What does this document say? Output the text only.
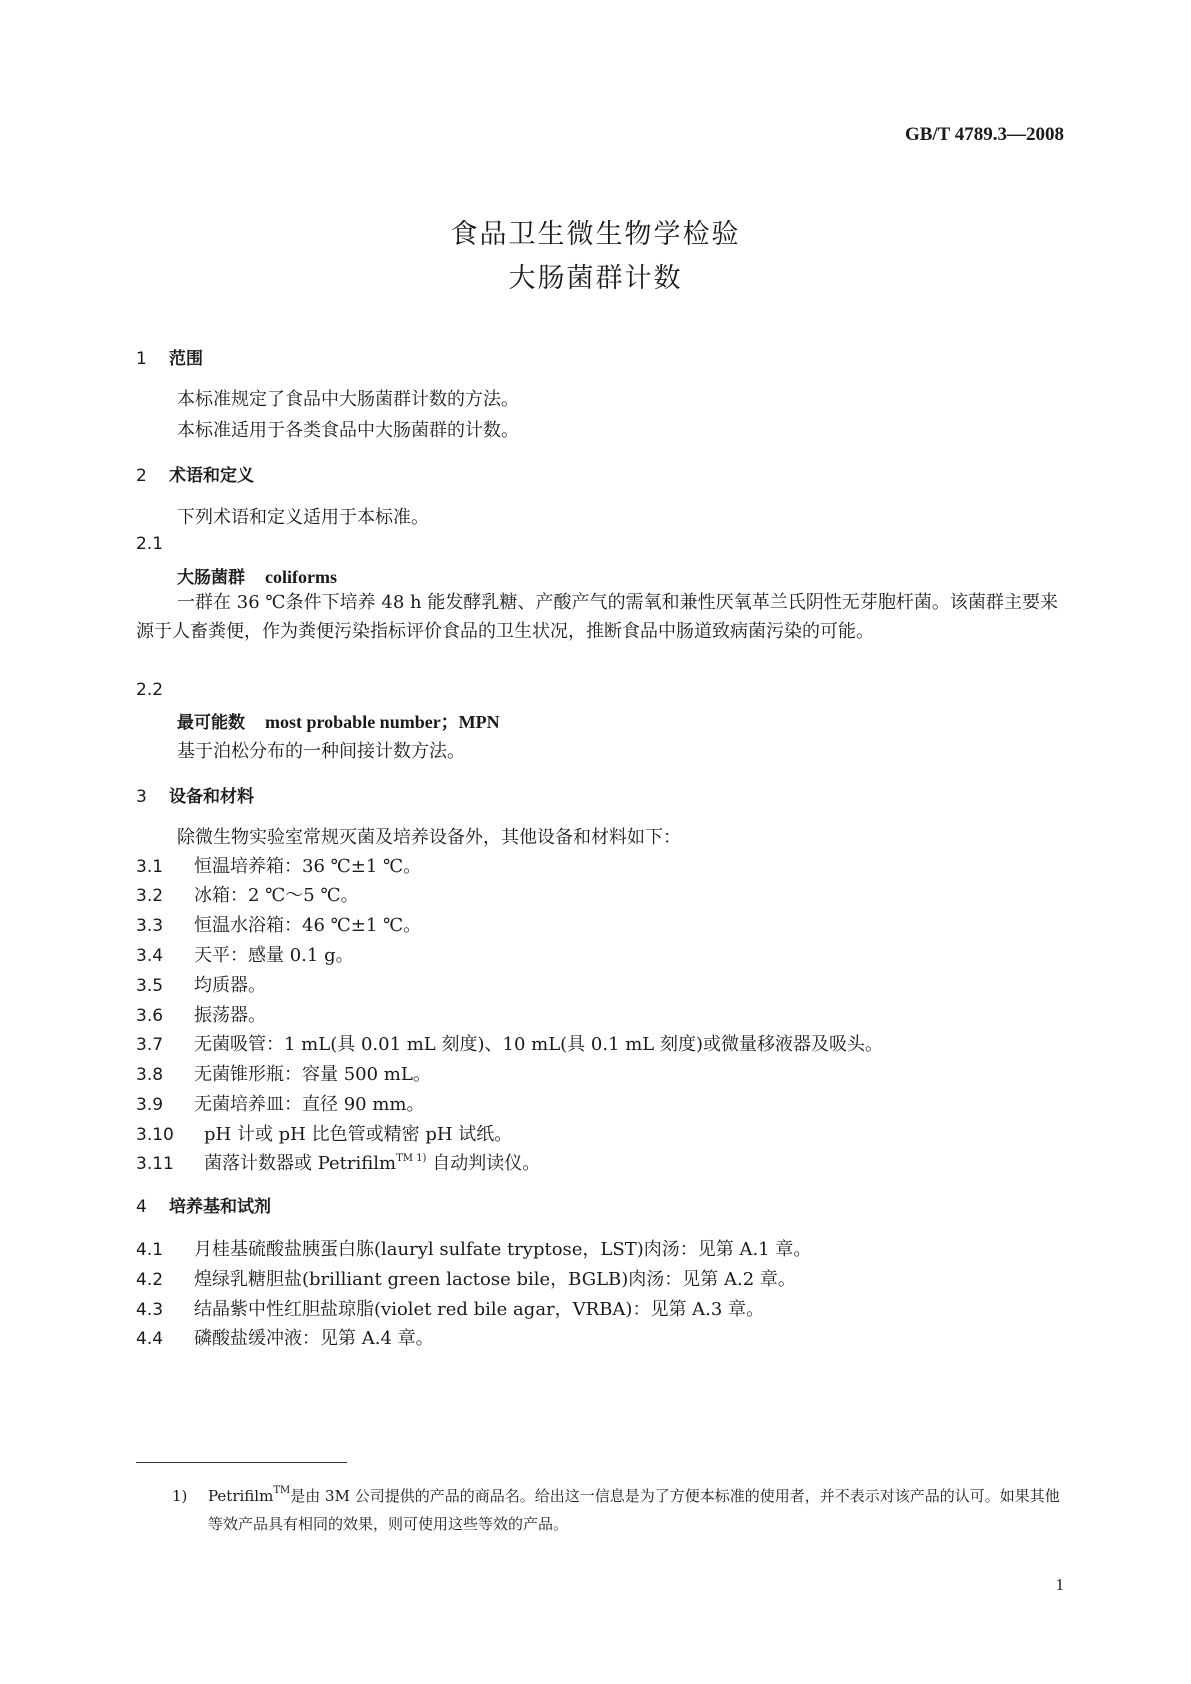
GB/T 4789.3—2008
食品卫生微生物学检验
大肠菌群计数
1 范围
本标准规定了食品中大肠菌群计数的方法。
本标准适用于各类食品中大肠菌群的计数。
2 术语和定义
下列术语和定义适用于本标准。
2.1
大肠菌群 coliforms
一群在 36 ℃条件下培养 48 h 能发酵乳糖、产酸产气的需氧和兼性厌氧革兰氏阴性无芽胞杆菌。该菌群主要来源于人畜粪便，作为粪便污染指标评价食品的卫生状况，推断食品中肠道致病菌污染的可能。
2.2
最可能数 most probable number；MPN
基于泊松分布的一种间接计数方法。
3 设备和材料
除微生物实验室常规灭菌及培养设备外，其他设备和材料如下：
3.1 恒温培养箱：36 ℃±1 ℃。
3.2 冰箱：2 ℃～5 ℃。
3.3 恒温水浴箱：46 ℃±1 ℃。
3.4 天平：感量 0.1 g。
3.5 均质器。
3.6 振荡器。
3.7 无菌吸管：1 mL(具 0.01 mL 刻度)、10 mL(具 0.1 mL 刻度)或微量移液器及吸头。
3.8 无菌锥形瓶：容量 500 mL。
3.9 无菌培养皿：直径 90 mm。
3.10 pH 计或 pH 比色管或精密 pH 试纸。
3.11 菌落计数器或 Petrifilm$^{TM 1)}$ 自动判读仪。
4 培养基和试剂
4.1 月桂基硫酸盐胰蛋白胨(lauryl sulfate tryptose，LST)肉汤：见第 A.1 章。
4.2 煌绿乳糖胆盐(brilliant green lactose bile，BGLB)肉汤：见第 A.2 章。
4.3 结晶紫中性红胆盐琼脂(violet red bile agar，VRBA)：见第 A.3 章。
4.4 磷酸盐缓冲液：见第 A.4 章。
1) Petrifilm™是由 3M 公司提供的产品的商品名。给出这一信息是为了方便本标准的使用者，并不表示对该产品的认可。如果其他等效产品具有相同的效果，则可使用这些等效的产品。
1
